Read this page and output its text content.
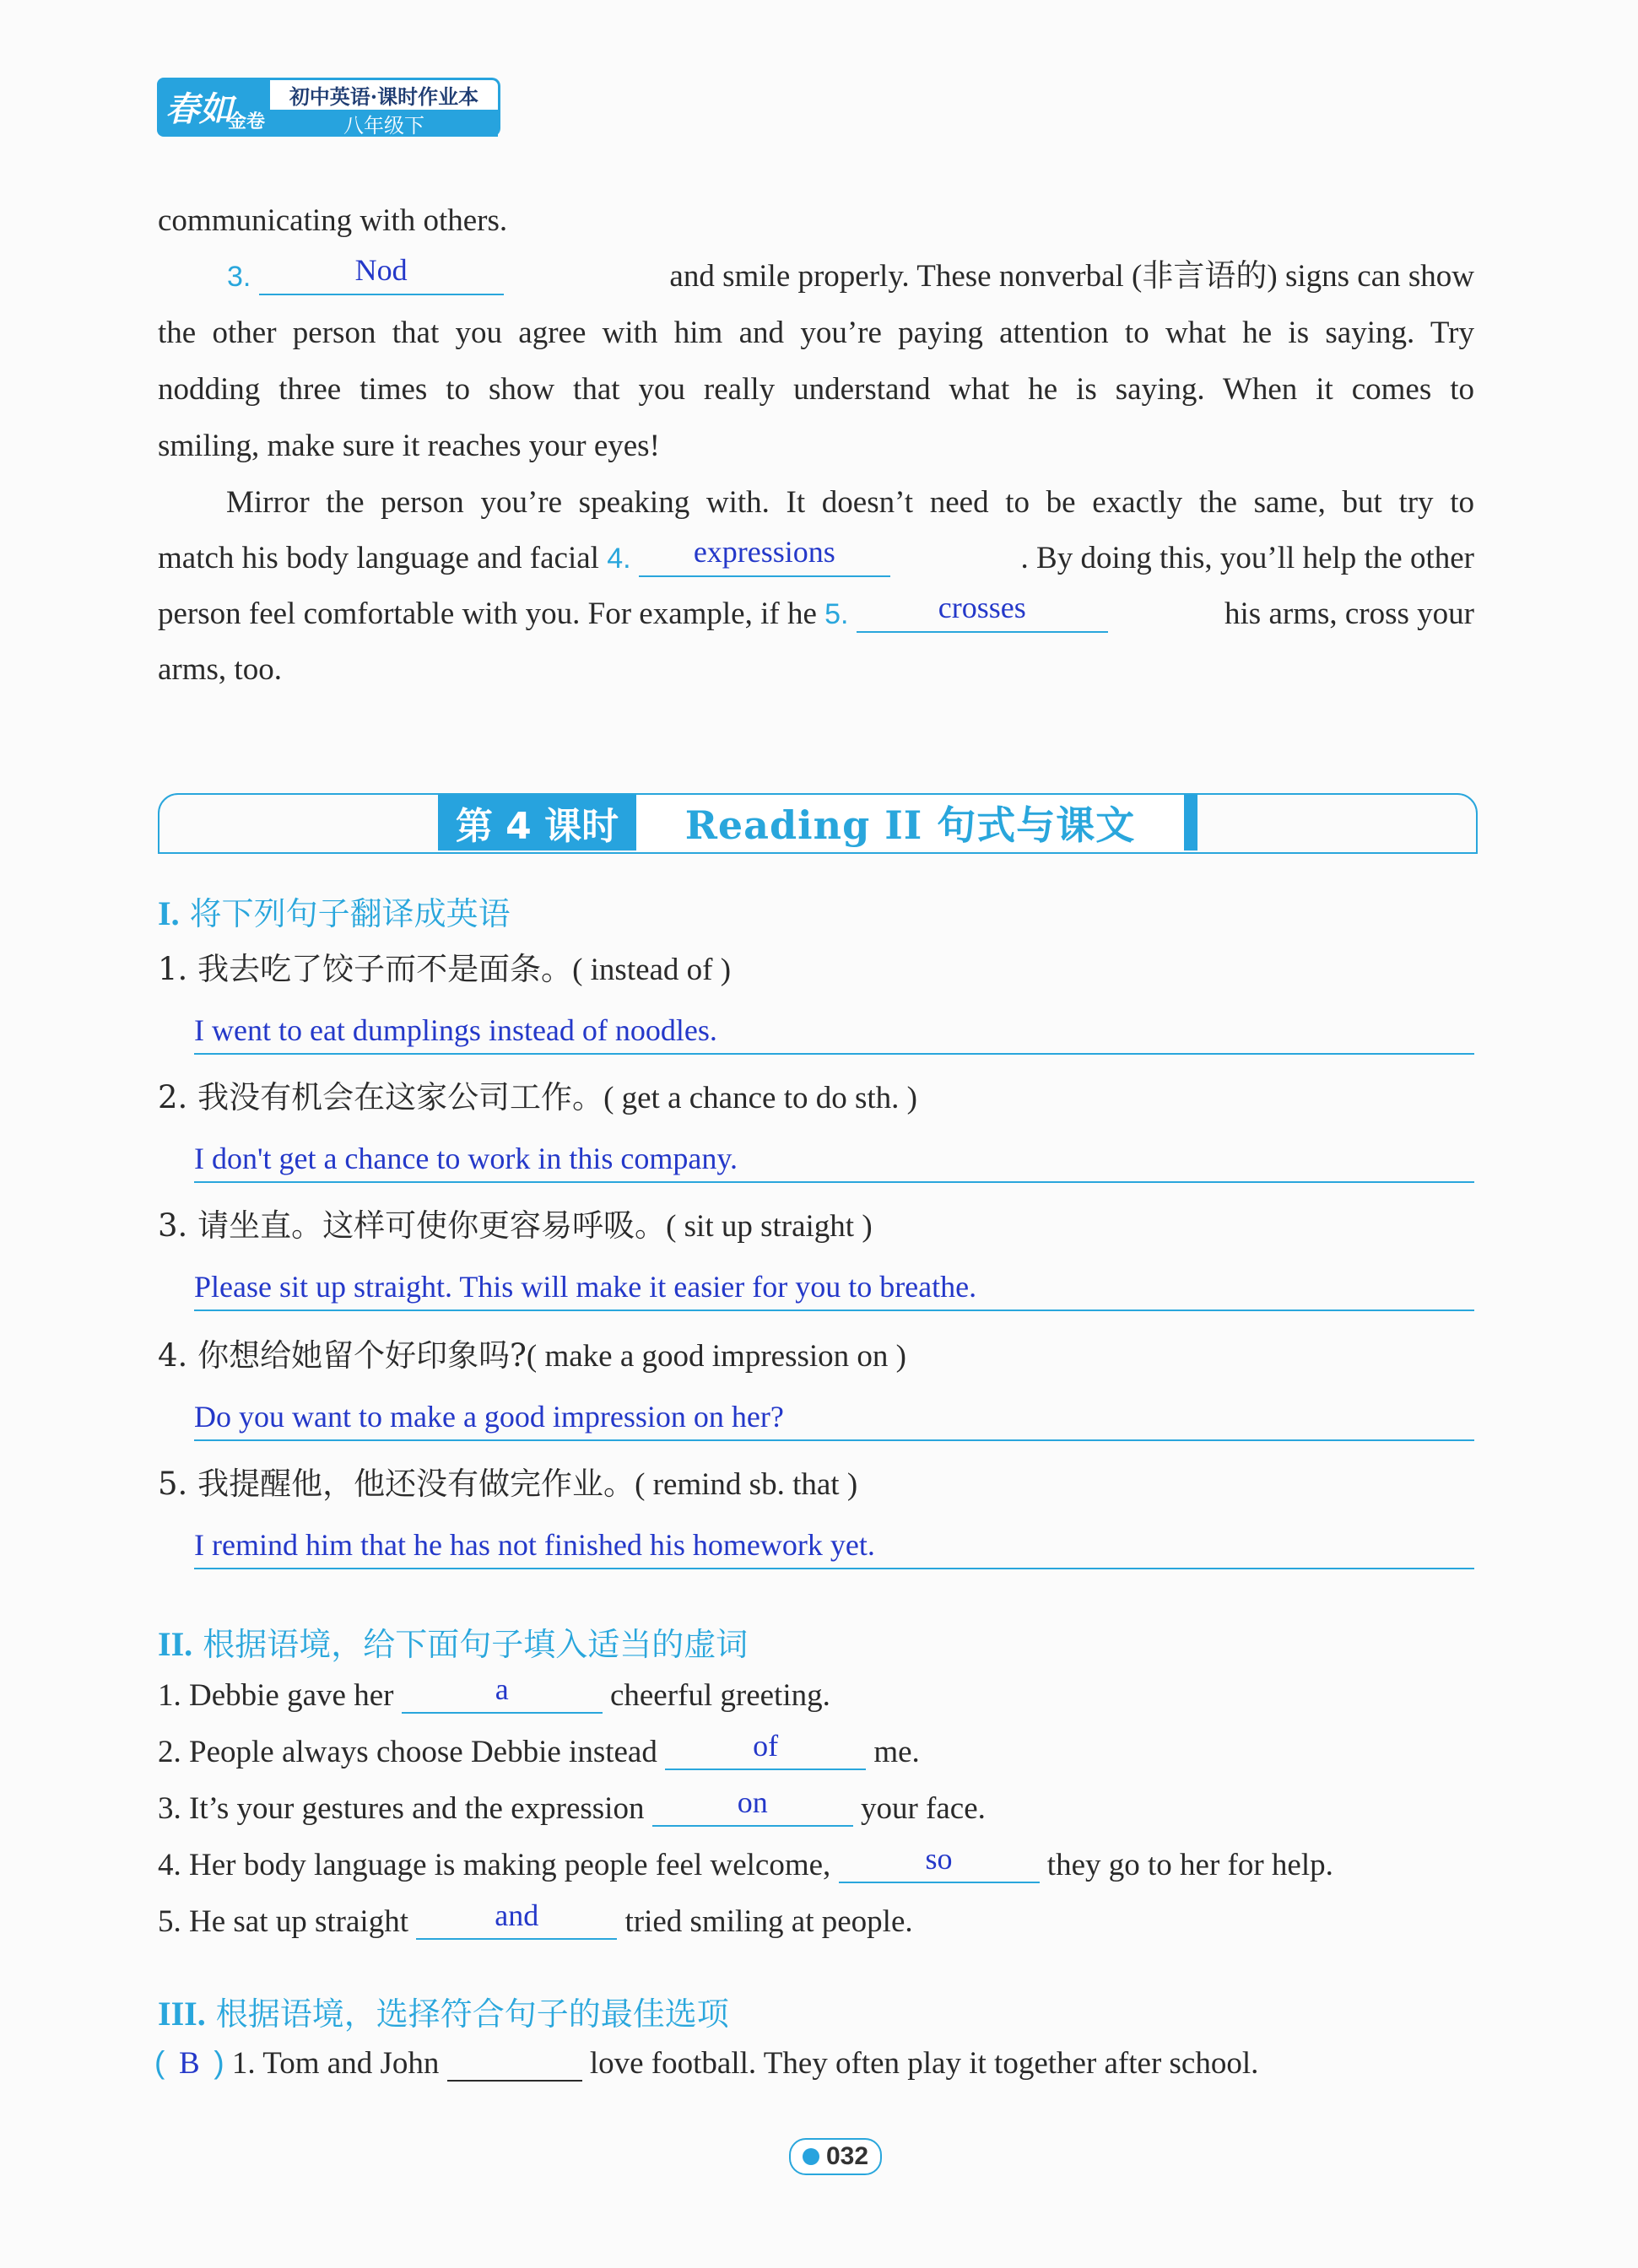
春如
金卷
初中英语·课时作业本
八年级下
communicating with others.
3.	Nod	and smile properly. These nonverbal (非言语的) signs can show
the other person that you agree with him and you’re paying attention to what he is saying. Try
nodding three times to show that you really understand what he is saying. When it comes to
smiling, make sure it reaches your eyes!
Mirror the person you’re speaking with. It doesn’t need to be exactly the same, but try to
match his body language and facial 4.	expressions	. By doing this, you’ll help the other
person feel comfortable with you. For example, if he 5.	crosses	his arms, cross your
arms, too.
第 4 课时	Reading II 句式与课文
I. 将下列句子翻译成英语
1. 我去吃了饺子而不是面条。( instead of )
I went to eat dumplings instead of noodles.
2. 我没有机会在这家公司工作。( get a chance to do sth. )
I don't get a chance to work in this company.
3. 请坐直。这样可使你更容易呼吸。( sit up straight )
Please sit up straight. This will make it easier for you to breathe.
4. 你想给她留个好印象吗?( make a good impression on )
Do you want to make a good impression on her?
5. 我提醒他，他还没有做完作业。( remind sb. that )
I remind him that he has not finished his homework yet.
II. 根据语境，给下面句子填入适当的虚词
1. Debbie gave her	a	cheerful greeting.
2. People always choose Debbie instead	of	me.
3. It’s your gestures and the expression	on	your face.
4. Her body language is making people feel welcome,	so	they go to her for help.
5. He sat up straight	and	tried smiling at people.
III. 根据语境，选择符合句子的最佳选项
( B ) 1. Tom and John	love football. They often play it together after school.
032
